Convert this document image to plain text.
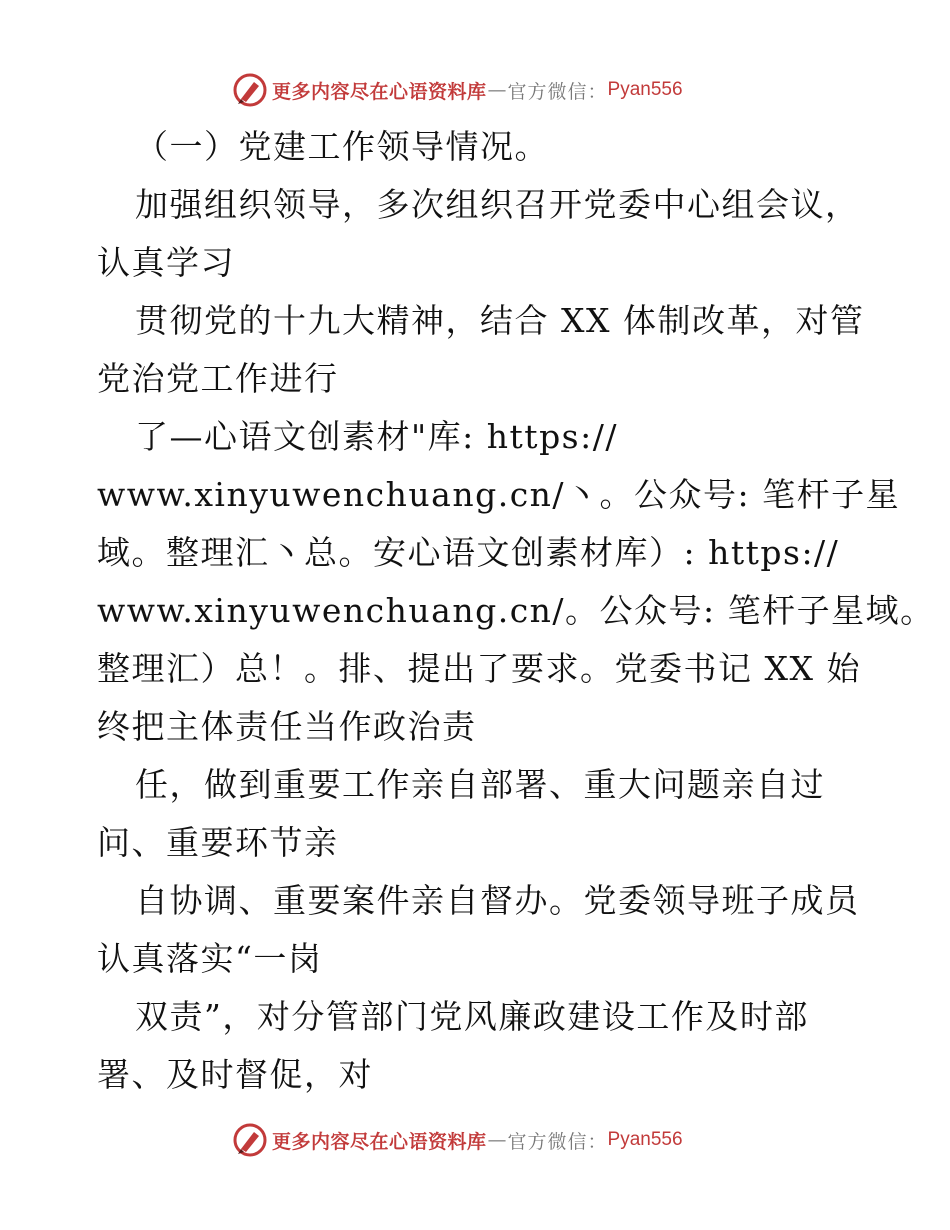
更多内容尽在心语资料库 — 官方微信： Pyan556
（一）党建工作领导情况。
加强组织领导，多次组织召开党委中心组会议，
认真学习
贯彻党的十九大精神，结合 XX 体制改革，对管
党治党工作进行
了—心语文创素材"库: https://
www.xinyuwenchuang.cn/丶。公众号: 笔杆子星
域。整理汇丶总。安心语文创素材库）: https://
www.xinyuwenchuang.cn/。公众号: 笔杆子星域。
整理汇）总！。排、提出了要求。党委书记 XX 始
终把主体责任当作政治责
任，做到重要工作亲自部署、重大问题亲自过
问、重要环节亲
自协调、重要案件亲自督办。党委领导班子成员
认真落实“一岗
双责”，对分管部门党风廉政建设工作及时部
署、及时督促，对
更多内容尽在心语资料库 — 官方微信： Pyan556
